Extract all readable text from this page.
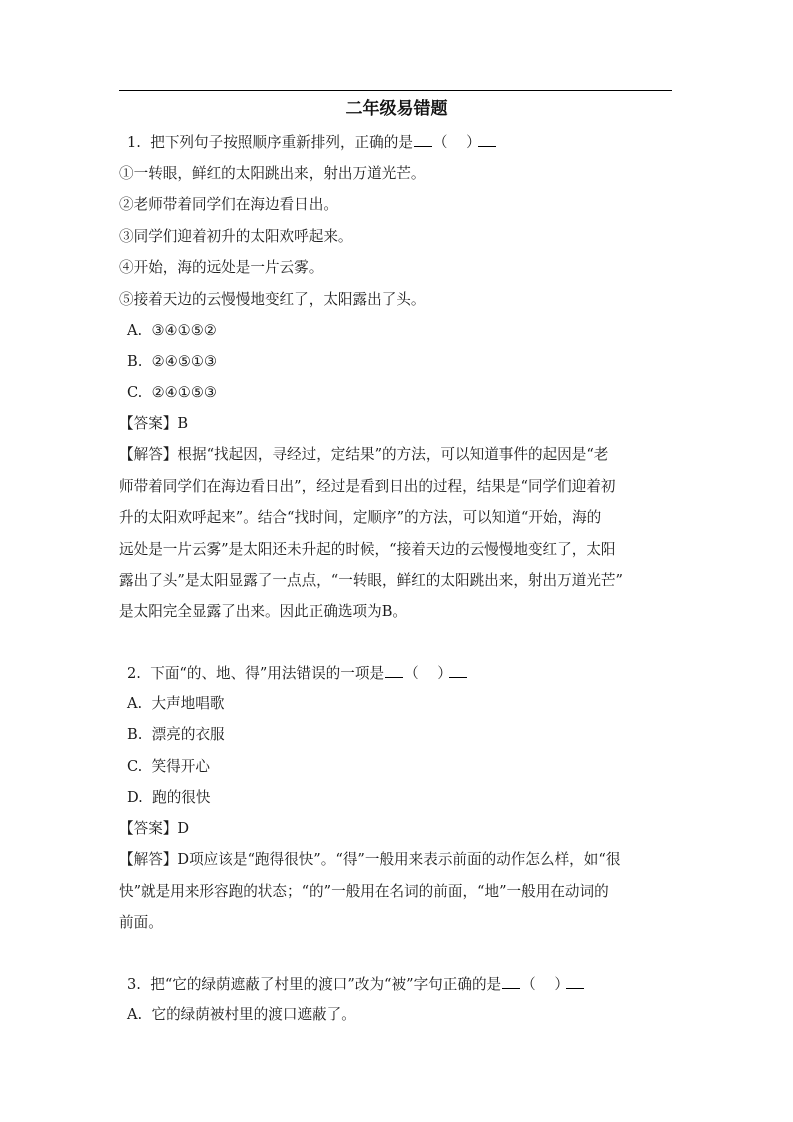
二年级易错题
1. 把下列句子按照顺序重新排列，正确的是 （ ）
①一转眼，鲜红的太阳跳出来，射出万道光芒。
②老师带着同学们在海边看日出。
③同学们迎着初升的太阳欢呼起来。
④开始，海的远处是一片云雾。
⑤接着天边的云慢慢地变红了，太阳露出了头。
A. ③④①⑤②
B. ②④⑤①③
C. ②④①⑤③
【答案】B
【解答】根据“找起因，寻经过，定结果”的方法，可以知道事件的起因是“老
师带着同学们在海边看日出”，经过是看到日出的过程，结果是“同学们迎着初
升的太阳欢呼起来”。结合“找时间，定顺序”的方法，可以知道“开始，海的
远处是一片云雾”是太阳还未升起的时候，“接着天边的云慢慢地变红了，太阳
露出了头”是太阳显露了一点点，“一转眼，鲜红的太阳跳出来，射出万道光芒”
是太阳完全显露了出来。因此正确选项为B。
2. 下面“的、地、得”用法错误的一项是 （ ）
A. 大声地唱歌
B. 漂亮的衣服
C. 笑得开心
D. 跑的很快
【答案】D
【解答】D项应该是“跑得很快”。“得”一般用来表示前面的动作怎么样，如“很
快”就是用来形容跑的状态；“的”一般用在名词的前面，“地”一般用在动词的
前面。
3. 把“它的绿荫遮蔽了村里的渡口”改为“被”字句正确的是 （ ）
A. 它的绿荫被村里的渡口遮蔽了。
